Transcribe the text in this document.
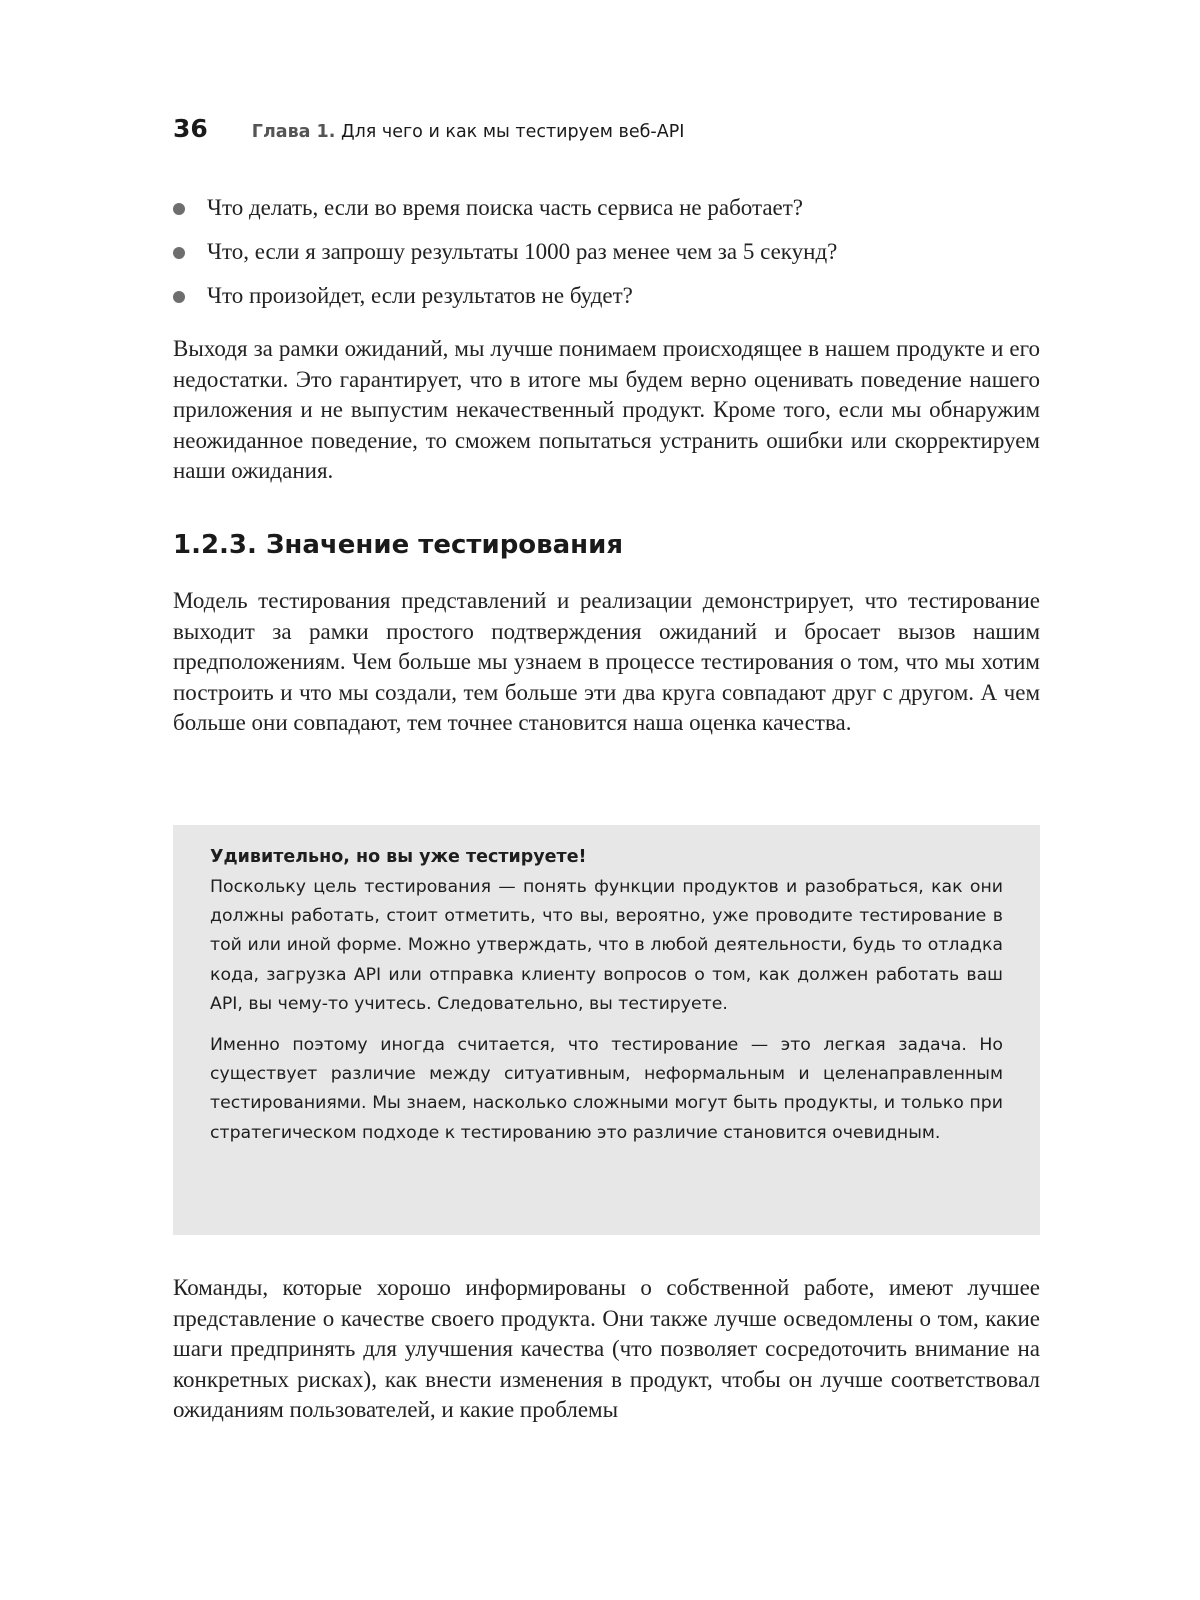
36	Глава 1. Для чего и как мы тестируем веб-API
Что делать, если во время поиска часть сервиса не работает?
Что, если я запрошу результаты 1000 раз менее чем за 5 секунд?
Что произойдет, если результатов не будет?

Выходя за рамки ожиданий, мы лучше понимаем происходящее в нашем продукте и его недостатки. Это гарантирует, что в итоге мы будем верно оценивать поведение нашего приложения и не выпустим некачественный продукт. Кроме того, если мы обнаружим неожиданное поведение, то сможем попытаться устранить ошибки или скорректируем наши ожидания.

1.2.3. Значение тестирования

Модель тестирования представлений и реализации демонстрирует, что тестирование выходит за рамки простого подтверждения ожиданий и бросает вызов нашим предположениям. Чем больше мы узнаем в процессе тестирования о том, что мы хотим построить и что мы создали, тем больше эти два круга совпадают друг с другом. А чем больше они совпадают, тем точнее становится наша оценка качества.

Удивительно, но вы уже тестируете!

Поскольку цель тестирования — понять функции продуктов и разобраться, как они должны работать, стоит отметить, что вы, вероятно, уже проводите тестирование в той или иной форме. Можно утверждать, что в любой деятельности, будь то отладка кода, загрузка API или отправка клиенту вопросов о том, как должен работать ваш API, вы чему-то учитесь. Следовательно, вы тестируете.

Именно поэтому иногда считается, что тестирование — это легкая задача. Но существует различие между ситуативным, неформальным и целенаправленным тестированиями. Мы знаем, насколько сложными могут быть продукты, и только при стратегическом подходе к тестированию это различие становится очевидным.

Команды, которые хорошо информированы о собственной работе, имеют лучшее представление о качестве своего продукта. Они также лучше осведомлены о том, какие шаги предпринять для улучшения качества (что позволяет сосредоточить внимание на конкретных рисках), как внести изменения в продукт, чтобы он лучше соответствовал ожиданиям пользователей, и какие проблемы
